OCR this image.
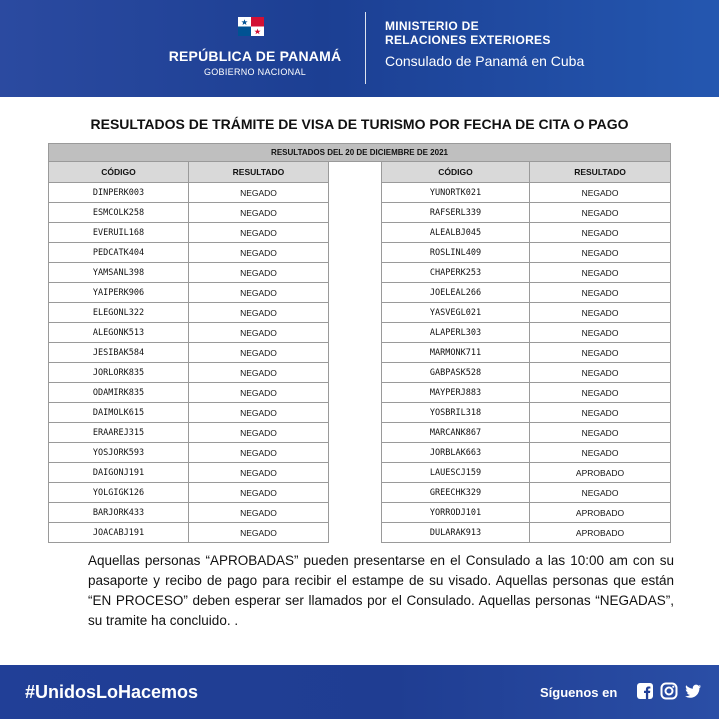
REPÚBLICA DE PANAMÁ
GOBIERNO NACIONAL
MINISTERIO DE
RELACIONES EXTERIORES
Consulado de Panamá en Cuba
RESULTADOS DE TRÁMITE DE VISA DE TURISMO POR FECHA DE CITA O PAGO
RESULTADOS DEL 20 DE DICIEMBRE DE 2021				
CÓDIGO	RESULTADO		CÓDIGO	RESULTADO
DINPERK003	NEGADO		YUNORTK021	NEGADO
ESMCOLK258	NEGADO		RAFSERL339	NEGADO
EVERUIL168	NEGADO		ALEALBJ045	NEGADO
PEDCATK404	NEGADO		ROSLINL409	NEGADO
YAMSANL398	NEGADO		CHAPERK253	NEGADO
YAIPERK906	NEGADO		JOELEAL266	NEGADO
ELEGONL322	NEGADO		YASVEGL021	NEGADO
ALEGONK513	NEGADO		ALAPERL303	NEGADO
JESIBAK584	NEGADO		MARMONK711	NEGADO
JORLORK835	NEGADO		GABPASK528	NEGADO
ODAMIRK835	NEGADO		MAYPERJ883	NEGADO
DAIMOLK615	NEGADO		YOSBRIL318	NEGADO
ERAAREJ315	NEGADO		MARCANK867	NEGADO
YOSJORK593	NEGADO		JORBLAK663	NEGADO
DAIGONJ191	NEGADO		LAUESCJ159	APROBADO
YOLGIGK126	NEGADO		GREECHK329	NEGADO
BARJORK433	NEGADO		YORRODJ101	APROBADO
JOACABJ191	NEGADO		DULARAK913	APROBADO

Aquellas personas “APROBADAS” pueden presentarse en el Consulado a las 10:00 am con su pasaporte y recibo de pago para recibir el estampe de su visado. Aquellas personas que están “EN PROCESO” deben esperar ser llamados por el Consulado. Aquellas personas “NEGADAS”, su tramite ha concluido. .

#UnidosLoHacemos	Síguenos en
